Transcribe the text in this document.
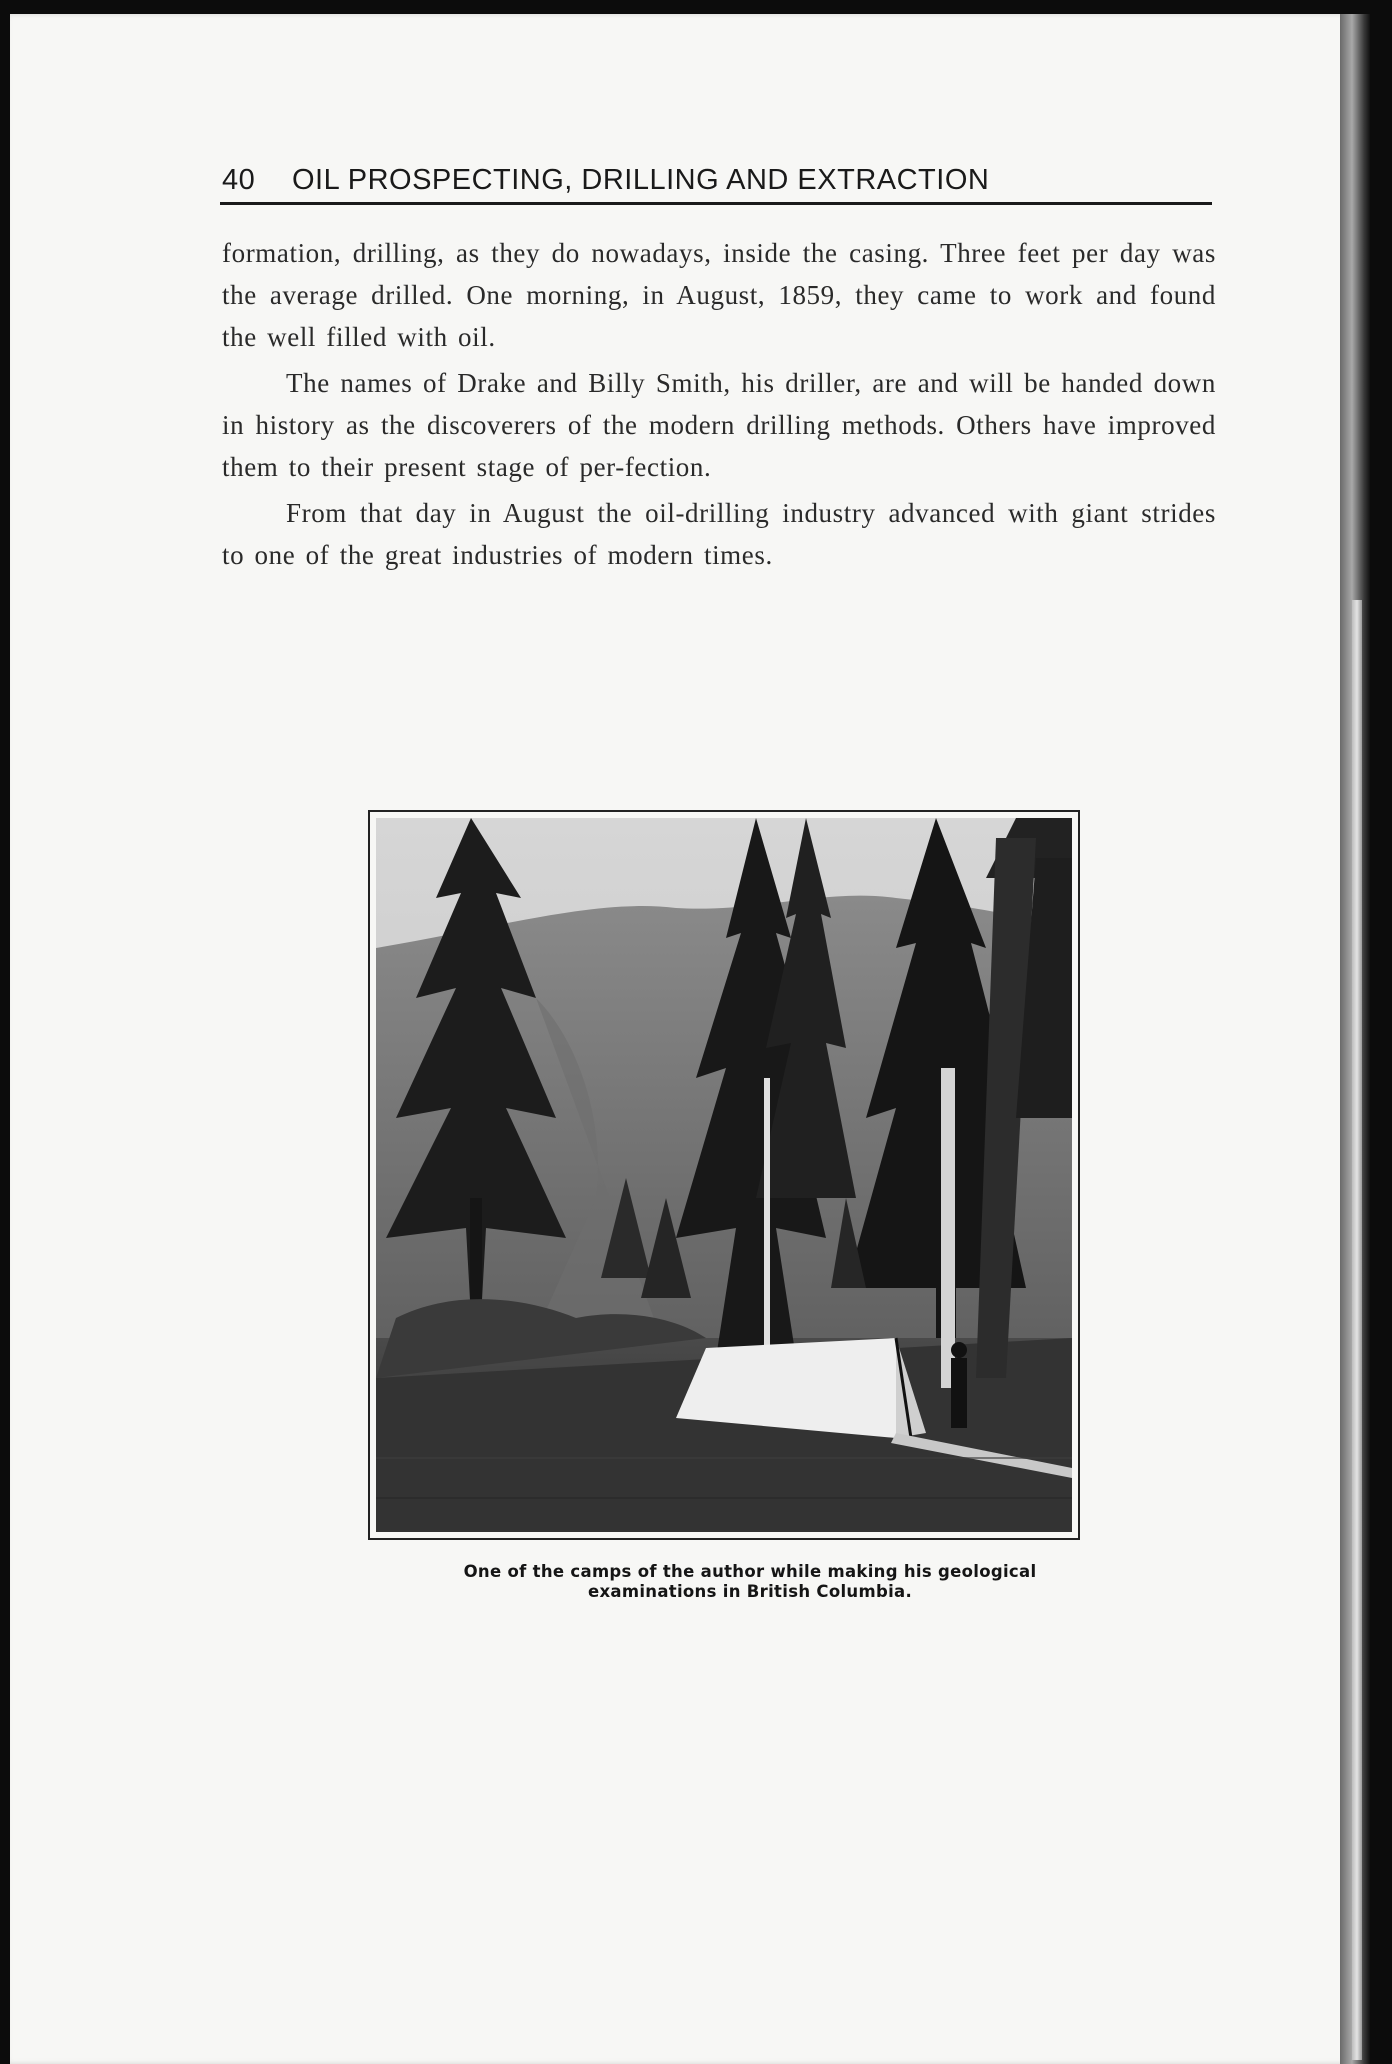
40	OIL PROSPECTING, DRILLING AND EXTRACTION

formation, drilling, as they do nowadays, inside the casing. Three feet per day was the average drilled. One morning, in August, 1859, they came to work and found the well filled with oil.

The names of Drake and Billy Smith, his driller, are and will be handed down in history as the discoverers of the modern drilling methods. Others have improved them to their present stage of per-fection.

From that day in August the oil-drilling industry advanced with giant strides to one of the great industries of modern times.

One of the camps of the author while making his geological
examinations in British Columbia.
